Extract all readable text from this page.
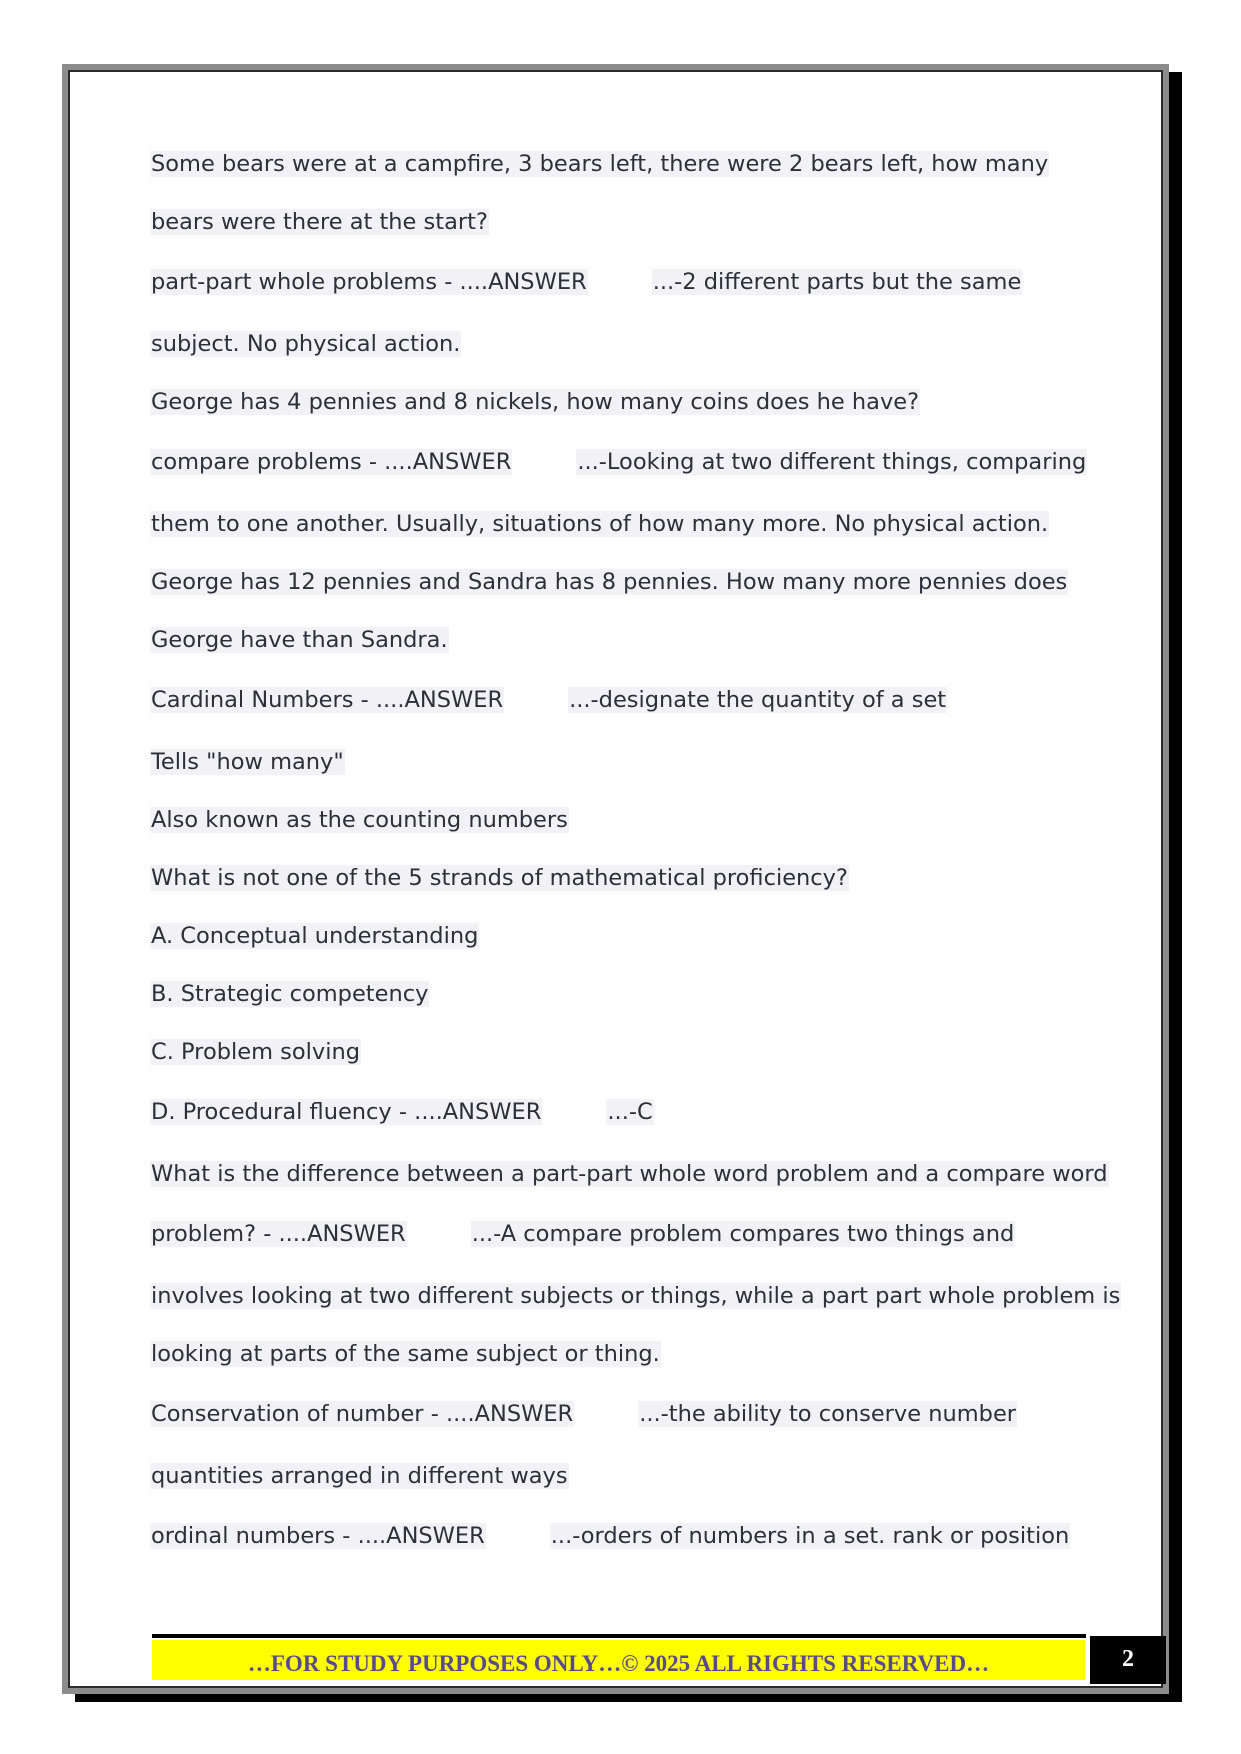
Some bears were at a campfire, 3 bears left, there were 2 bears left, how many
bears were there at the start?
part-part whole problems - ....ANSWER	...-2 different parts but the same
subject. No physical action.
George has 4 pennies and 8 nickels, how many coins does he have?
compare problems - ....ANSWER	...-Looking at two different things, comparing
them to one another. Usually, situations of how many more. No physical action.
George has 12 pennies and Sandra has 8 pennies. How many more pennies does
George have than Sandra.
Cardinal Numbers - ....ANSWER	...-designate the quantity of a set
Tells "how many"
Also known as the counting numbers
What is not one of the 5 strands of mathematical proficiency?
A. Conceptual understanding
B. Strategic competency
C. Problem solving
D. Procedural fluency - ....ANSWER	...-C
What is the difference between a part-part whole word problem and a compare word
problem? - ....ANSWER	...-A compare problem compares two things and
involves looking at two different subjects or things, while a part part whole problem is
looking at parts of the same subject or thing.
Conservation of number - ....ANSWER	...-the ability to conserve number
quantities arranged in different ways
ordinal numbers - ....ANSWER	...-orders of numbers in a set. rank or position
…FOR STUDY PURPOSES ONLY…© 2025 ALL RIGHTS RESERVED…	2
